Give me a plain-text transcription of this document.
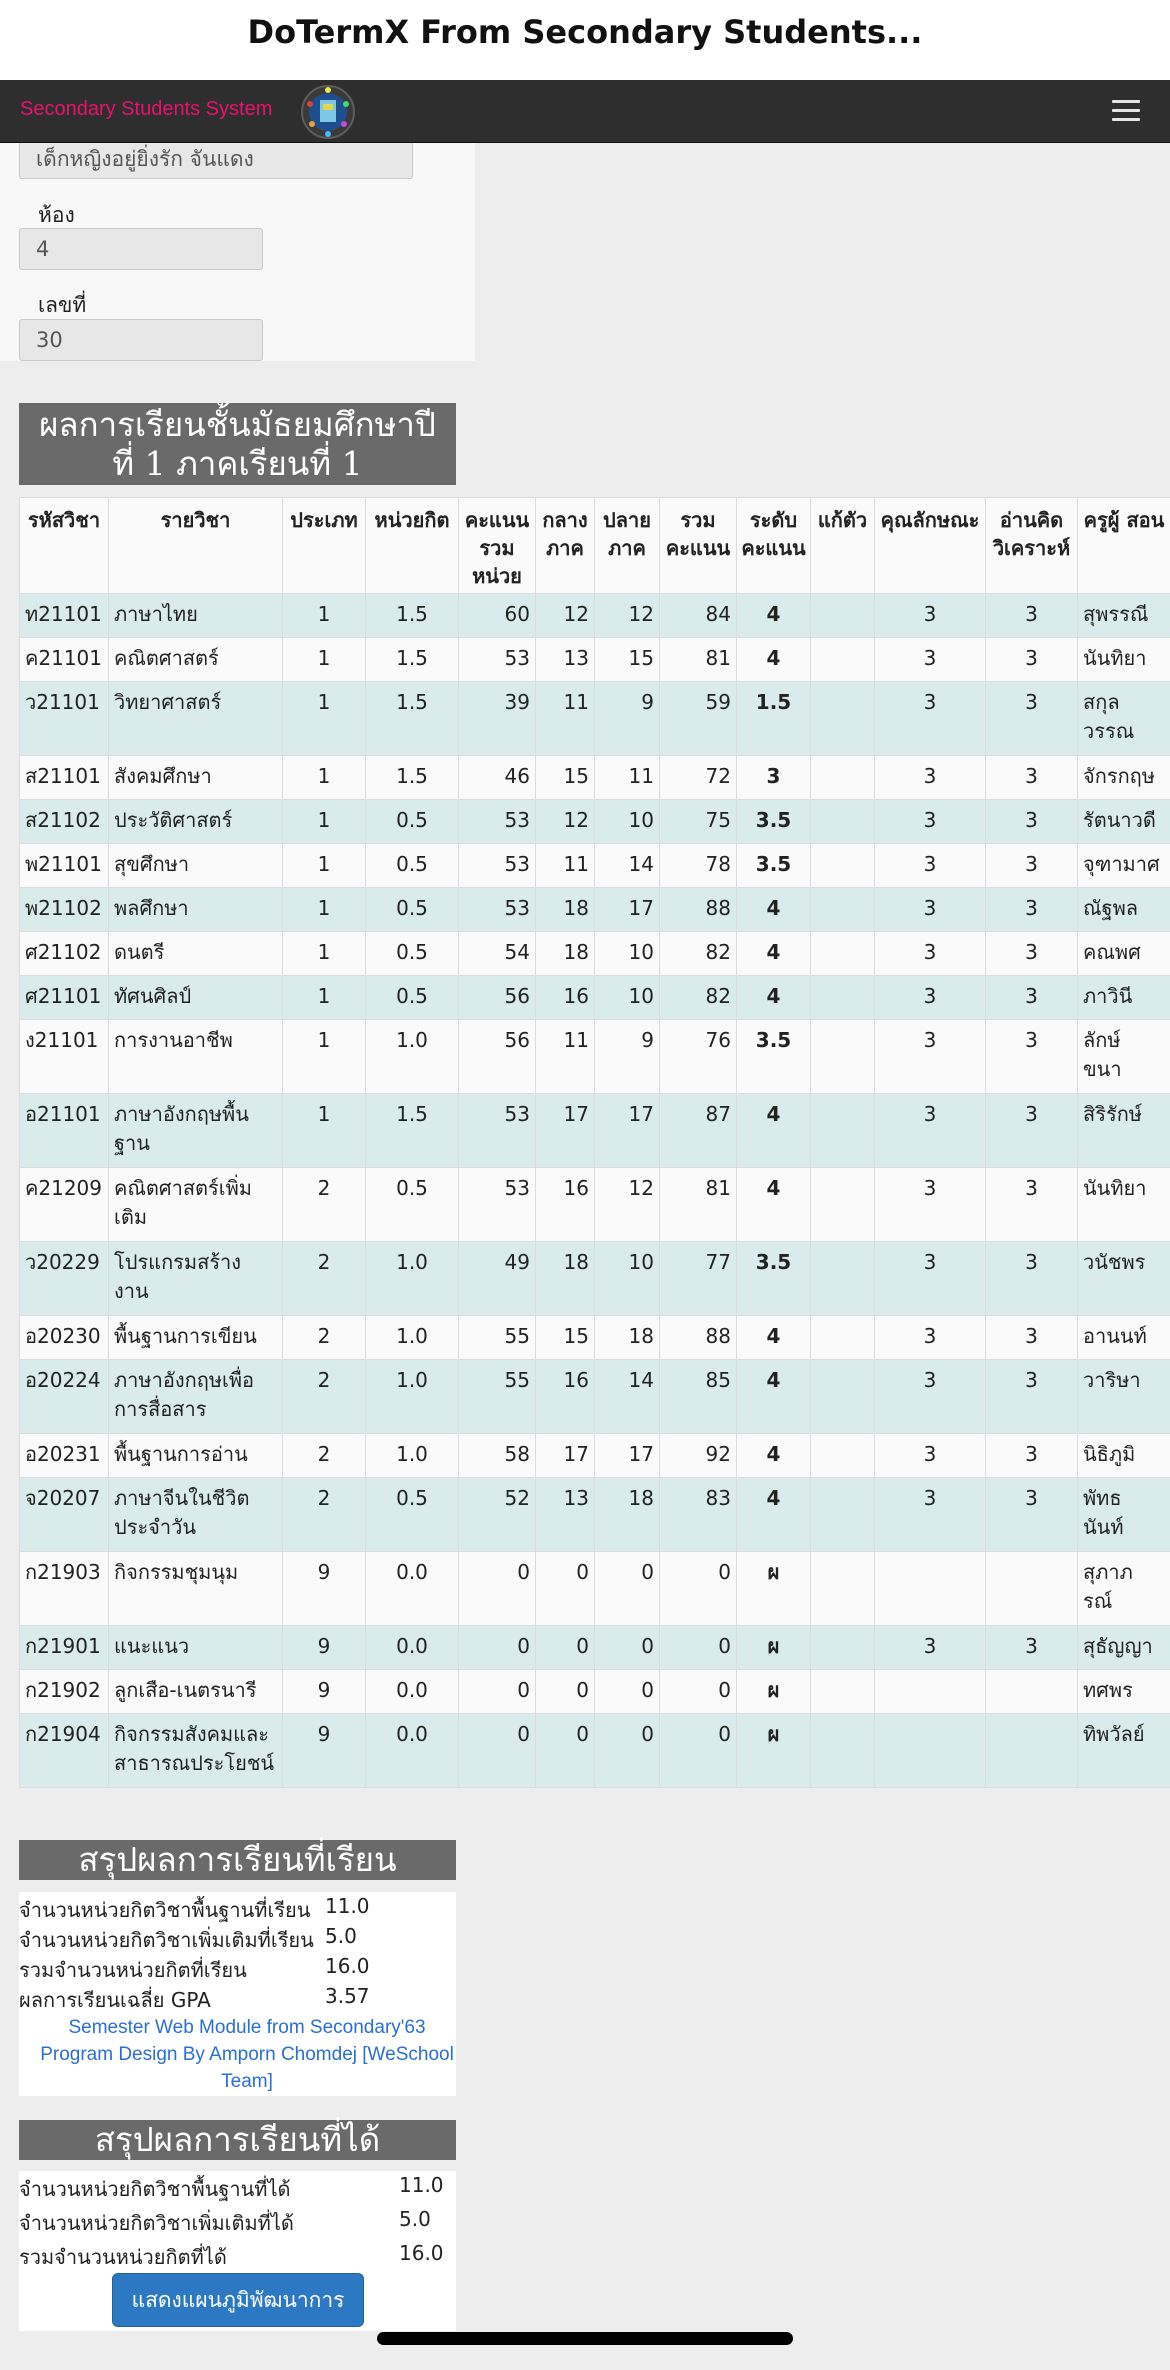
DoTermX From Secondary Students...
Secondary Students System
เด็กหญิงอยู่ยิ่งรัก จันแดง
ห้อง
4
เลขที่
30
ผลการเรียนชั้นมัธยมศึกษาปี
ที่ 1 ภาคเรียนที่ 1
รหัสวิชา	รายวิชา	ประเภท	หน่วยกิต	คะแนน รวม หน่วย	กลาง ภาค	ปลาย ภาค	รวม คะแนน	ระดับ คะแนน	แก้ตัว	คุณลักษณะ	อ่านคิด วิเคราะห์	ครูผู้ สอน
ท21101	ภาษาไทย	1	1.5	60	12	12	84	4		3	3	สุพรรณี
ค21101	คณิตศาสตร์	1	1.5	53	13	15	81	4		3	3	นันทิยา
ว21101	วิทยาศาสตร์	1	1.5	39	11	9	59	1.5		3	3	สกุล วรรณ
ส21101	สังคมศึกษา	1	1.5	46	15	11	72	3		3	3	จักรกฤษ
ส21102	ประวัติศาสตร์	1	0.5	53	12	10	75	3.5		3	3	รัตนาวดี
พ21101	สุขศึกษา	1	0.5	53	11	14	78	3.5		3	3	จุฑามาศ
พ21102	พลศึกษา	1	0.5	53	18	17	88	4		3	3	ณัฐพล
ศ21102	ดนตรี	1	0.5	54	18	10	82	4		3	3	คณพศ
ศ21101	ทัศนศิลป์	1	0.5	56	16	10	82	4		3	3	ภาวินี
ง21101	การงานอาชีพ	1	1.0	56	11	9	76	3.5		3	3	ลักษ์ ขนา
อ21101	ภาษาอังกฤษพื้น ฐาน	1	1.5	53	17	17	87	4		3	3	สิริรักษ์
ค21209	คณิตศาสตร์เพิ่ม เติม	2	0.5	53	16	12	81	4		3	3	นันทิยา
ว20229	โปรแกรมสร้าง งาน	2	1.0	49	18	10	77	3.5		3	3	วนัชพร
อ20230	พื้นฐานการเขียน	2	1.0	55	15	18	88	4		3	3	อานนท์
อ20224	ภาษาอังกฤษเพื่อ การสื่อสาร	2	1.0	55	16	14	85	4		3	3	วาริษา
อ20231	พื้นฐานการอ่าน	2	1.0	58	17	17	92	4		3	3	นิธิภูมิ
จ20207	ภาษาจีนในชีวิต ประจำวัน	2	0.5	52	13	18	83	4		3	3	พัทธ นันท์
ก21903	กิจกรรมชุมนุม	9	0.0	0	0	0	0	ผ				สุภาภ รณ์
ก21901	แนะแนว	9	0.0	0	0	0	0	ผ		3	3	สุธัญญา
ก21902	ลูกเสือ-เนตรนารี	9	0.0	0	0	0	0	ผ				ทศพร
ก21904	กิจกรรมสังคมและ สาธารณประโยชน์	9	0.0	0	0	0	0	ผ				ทิพวัลย์
สรุปผลการเรียนที่เรียน
จำนวนหน่วยกิตวิชาพื้นฐานที่เรียน 11.0
จำนวนหน่วยกิตวิชาเพิ่มเติมที่เรียน 5.0
รวมจำนวนหน่วยกิตที่เรียน	16.0
ผลการเรียนเฉลี่ย GPA	3.57
Semester Web Module from Secondary'63
Program Design By Amporn Chomdej [WeSchool
Team]
สรุปผลการเรียนที่ได้
จำนวนหน่วยกิตวิชาพื้นฐานที่ได้	11.0
จำนวนหน่วยกิตวิชาเพิ่มเติมที่ได้	5.0
รวมจำนวนหน่วยกิตที่ได้	16.0
แสดงแผนภูมิพัฒนาการ
